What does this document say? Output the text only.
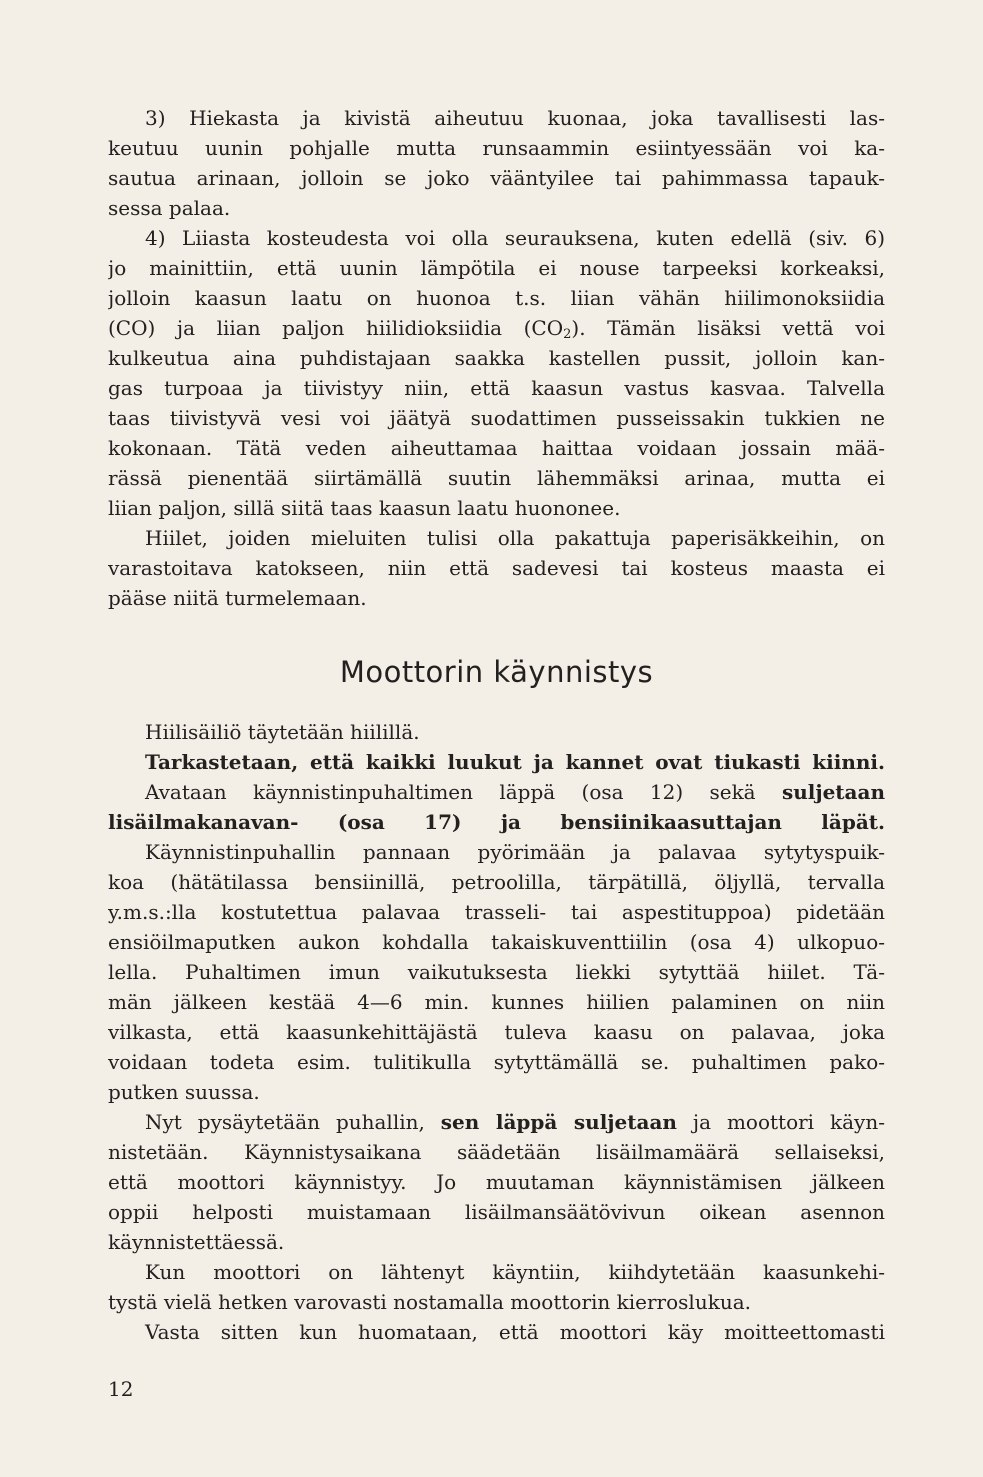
3) Hiekasta ja kivistä aiheutuu kuonaa, joka tavallisesti las-
keutuu uunin pohjalle mutta runsaammin esiintyessään voi ka-
sautua arinaan, jolloin se joko vääntyilee tai pahimmassa tapauk-
sessa palaa.
4) Liiasta kosteudesta voi olla seurauksena, kuten edellä (siv. 6)
jo mainittiin, että uunin lämpötila ei nouse tarpeeksi korkeaksi,
jolloin kaasun laatu on huonoa t.s. liian vähän hiilimonoksiidia
(CO) ja liian paljon hiilidioksiidia $(CO_2)$. Tämän lisäksi vettä voi
kulkeutua aina puhdistajaan saakka kastellen pussit, jolloin kan-
gas turpoaa ja tiivistyy niin, että kaasun vastus kasvaa. Talvella
taas tiivistyvä vesi voi jäätyä suodattimen pusseissakin tukkien ne
kokonaan. Tätä veden aiheuttamaa haittaa voidaan jossain mää-
rässä pienentää siirtämällä suutin lähemmäksi arinaa, mutta ei
liian paljon, sillä siitä taas kaasun laatu huononee.
Hiilet, joiden mieluiten tulisi olla pakattuja paperisäkkeihin, on
varastoitava katokseen, niin että sadevesi tai kosteus maasta ei
pääse niitä turmelemaan.
Moottorin käynnistys
Hiilisäiliö täytetään hiilillä.
Tarkastetaan, että kaikki luukut ja kannet ovat tiukasti kiinni.
Avataan käynnistinpuhaltimen läppä (osa 12) sekä suljetaan
lisäilmakanavan- (osa 17) ja bensiinikaasuttajan läpät.
Käynnistinpuhallin pannaan pyörimään ja palavaa sytytyspuik-
koa (hätätilassa bensiinillä, petroolilla, tärpätillä, öljyllä, tervalla
y.m.s.:lla kostutettua palavaa trasseli- tai aspestituppoa) pidetään
ensiöilmaputken aukon kohdalla takaiskuventtiilin (osa 4) ulkopuo-
lella. Puhaltimen imun vaikutuksesta liekki sytyttää hiilet. Tä-
män jälkeen kestää 4—6 min. kunnes hiilien palaminen on niin
vilkasta, että kaasunkehittäjästä tuleva kaasu on palavaa, joka
voidaan todeta esim. tulitikulla sytyttämällä se. puhaltimen pako-
putken suussa.
Nyt pysäytetään puhallin, sen läppä suljetaan ja moottori käyn-
nistetään. Käynnistysaikana säädetään lisäilmamäärä sellaiseksi,
että moottori käynnistyy. Jo muutaman käynnistämisen jälkeen
oppii helposti muistamaan lisäilmansäätövivun oikean asennon
käynnistettäessä.
Kun moottori on lähtenyt käyntiin, kiihdytetään kaasunkehi-
tystä vielä hetken varovasti nostamalla moottorin kierroslukua.
Vasta sitten kun huomataan, että moottori käy moitteettomasti
12
